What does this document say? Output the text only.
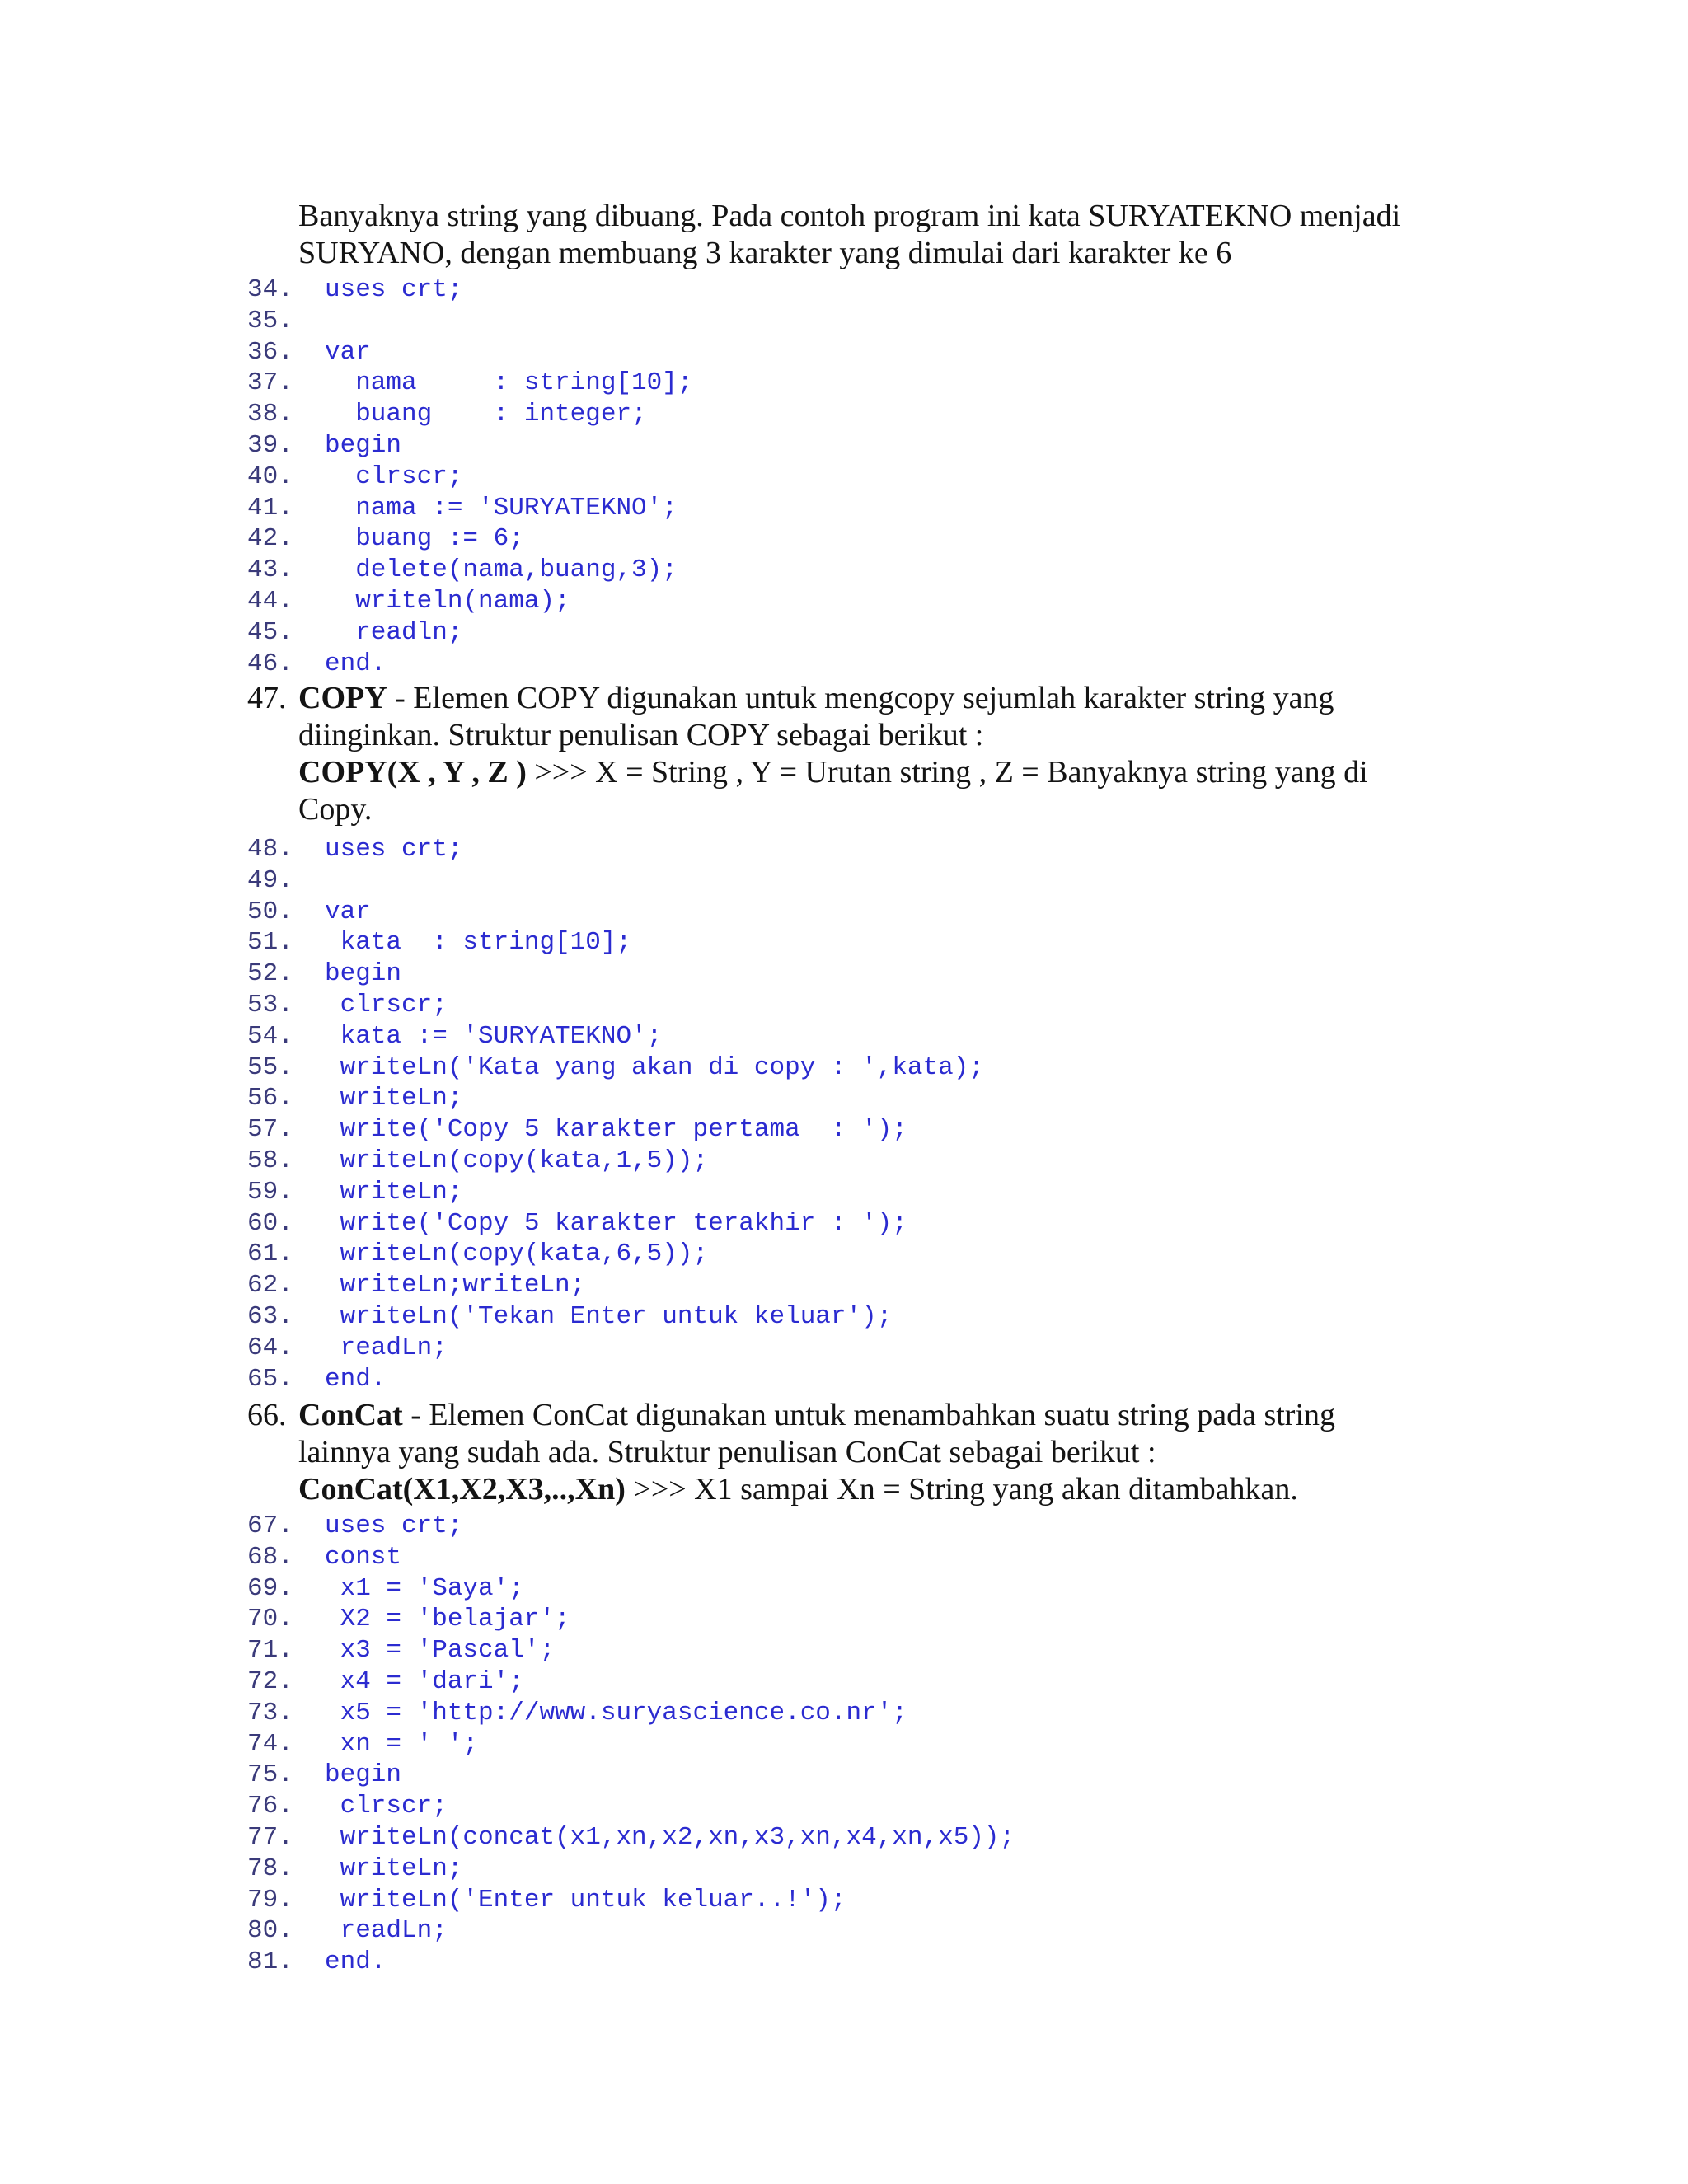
Banyaknya string yang dibuang. Pada contoh program ini kata SURYATEKNO menjadi
SURYANO, dengan membuang 3 karakter yang dimulai dari karakter ke 6
34. uses crt;
35.
36. var
37.  nama     : string[10];
38.  buang    : integer;
39. begin
40.  clrscr;
41.  nama := 'SURYATEKNO';
42.  buang := 6;
43.  delete(nama,buang,3);
44.  writeln(nama);
45.  readln;
46. end.
47. COPY - Elemen COPY digunakan untuk mengcopy sejumlah karakter string yang
diinginkan. Struktur penulisan COPY sebagai berikut :
COPY(X , Y , Z ) >>> X = String , Y = Urutan string , Z = Banyaknya string yang di
Copy.
48. uses crt;
49.
50. var
51. kata  : string[10];
52. begin
53. clrscr;
54. kata := 'SURYATEKNO';
55. writeLn('Kata yang akan di copy : ',kata);
56. writeLn;
57. write('Copy 5 karakter pertama  : ');
58. writeLn(copy(kata,1,5));
59. writeLn;
60. write('Copy 5 karakter terakhir : ');
61. writeLn(copy(kata,6,5));
62. writeLn;writeLn;
63. writeLn('Tekan Enter untuk keluar');
64. readLn;
65. end.
66. ConCat - Elemen ConCat digunakan untuk menambahkan suatu string pada string
lainnya yang sudah ada. Struktur penulisan ConCat sebagai berikut :
ConCat(X1,X2,X3,..,Xn) >>> X1 sampai Xn = String yang akan ditambahkan.
67. uses crt;
68. const
69. x1 = 'Saya';
70. X2 = 'belajar';
71. x3 = 'Pascal';
72. x4 = 'dari';
73. x5 = 'http://www.suryascience.co.nr';
74. xn = ' ';
75. begin
76. clrscr;
77. writeLn(concat(x1,xn,x2,xn,x3,xn,x4,xn,x5));
78. writeLn;
79. writeLn('Enter untuk keluar..!');
80. readLn;
81. end.
